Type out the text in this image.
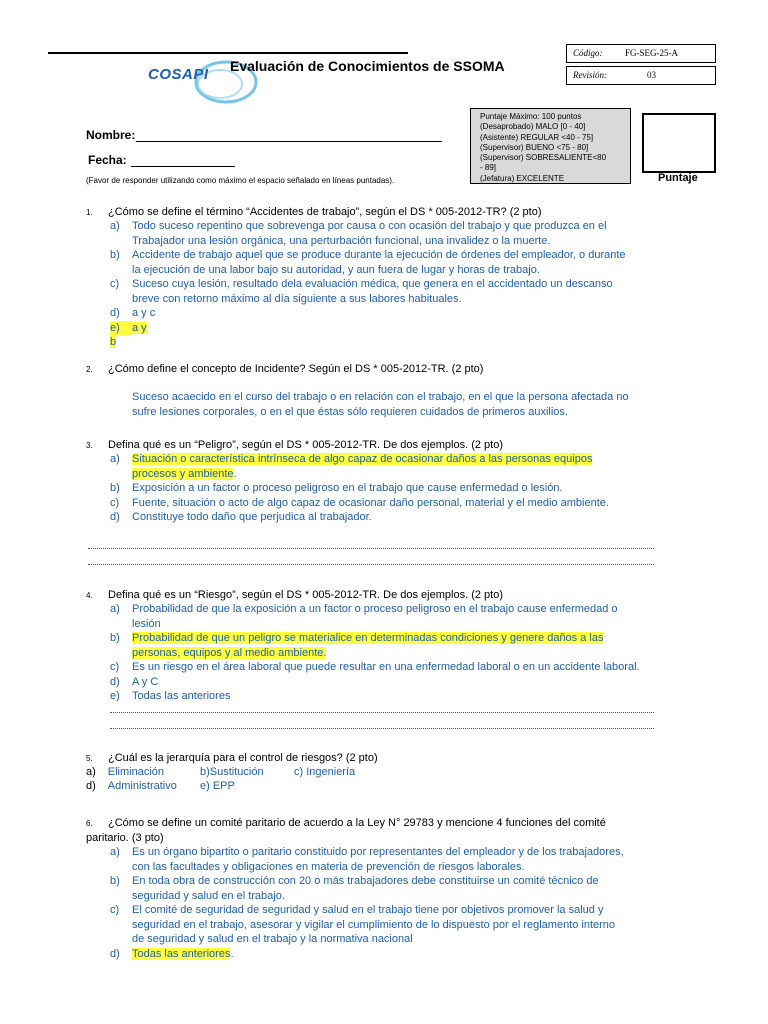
COSAPI Evaluación de Conocimientos de SSOMA
Código: FG-SEG-25-A
Revisión:	03
Nombre:
Fecha:
(Favor de responder utilizando como máximo el espacio señalado en líneas puntadas).
Puntaje Máximo: 100 puntos
(Desaprobado) MALO [0 - 40]
(Asistente) REGULAR <40 - 75]
(Supervisor) BUENO <75 - 80]
(Supervisor) SOBRESALIENTE<80
- 89]
(Jefatura) EXCELENTE	Puntaje
1. ¿Cómo se define el término “Accidentes de trabajo”, según el DS * 005-2012-TR? (2 pto)
a) Todo suceso repentino que sobrevenga por causa o con ocasión del trabajo y que produzca en el
Trabajador una lesión orgánica, una perturbación funcional, una invalidez o la muerte.
b) Accidente de trabajo aquel que se produce durante la ejecución de órdenes del empleador, o durante
la ejecución de una labor bajo su autoridad, y aun fuera de lugar y horas de trabajo.
c) Suceso cuya lesión, resultado dela evaluación médica, que genera en el accidentado un descanso
breve con retorno máximo al día siguiente a sus labores habituales.
d) a y c
e) a y
b
2. ¿Cómo define el concepto de Incidente? Según el DS * 005-2012-TR. (2 pto)
Suceso acaecido en el curso del trabajo o en relación con el trabajo, en el que la persona afectada no
sufre lesiones corporales, o en el que éstas sólo requieren cuidados de primeros auxilios.
3. Defina qué es un “Peligro”, según el DS * 005-2012-TR. De dos ejemplos. (2 pto)
a) Situación o característica intrínseca de algo capaz de ocasionar daños a las personas equipos
procesos y ambiente.
b) Exposición a un factor o proceso peligroso en el trabajo que cause enfermedad o lesión.
c) Fuente, situación o acto de algo capaz de ocasionar daño personal, material y el medio ambiente.
d) Constituye todo daño que perjudica al trabajador.
4. Defina qué es un “Riesgo”, según el DS * 005-2012-TR. De dos ejemplos. (2 pto)
a) Probabilidad de que la exposición a un factor o proceso peligroso en el trabajo cause enfermedad o
lesión
b) Probabilidad de que un peligro se materialice en determinadas condiciones y genere daños a las
personas, equipos y al medio ambiente.
c) Es un riesgo en el área laboral que puede resultar en una enfermedad laboral o en un accidente laboral.
d) A y C
e) Todas las anteriores
5. ¿Cuál es la jerarquía para el control de riesgos? (2 pto)
a) Eliminación	b)Sustitución	c) Ingeniería
d) Administrativo e) EPP
6. ¿Cómo se define un comité paritario de acuerdo a la Ley N° 29783 y mencione 4 funciones del comité
paritario. (3 pto)
a) Es un órgano bipartito o paritario constituido por representantes del empleador y de los trabajadores,
con las facultades y obligaciones en materia de prevención de riesgos laborales.
b) En toda obra de construcción con 20 o más trabajadores debe constituirse un comité técnico de
seguridad y salud en el trabajo.
c) El comité de seguridad de seguridad y salud en el trabajo tiene por objetivos promover la salud y
seguridad en el trabajo, asesorar y vigilar el cumplimiento de lo dispuesto por el reglamento interno
de seguridad y salud en el trabajo y la normativa nacional
d) Todas las anteriores.
